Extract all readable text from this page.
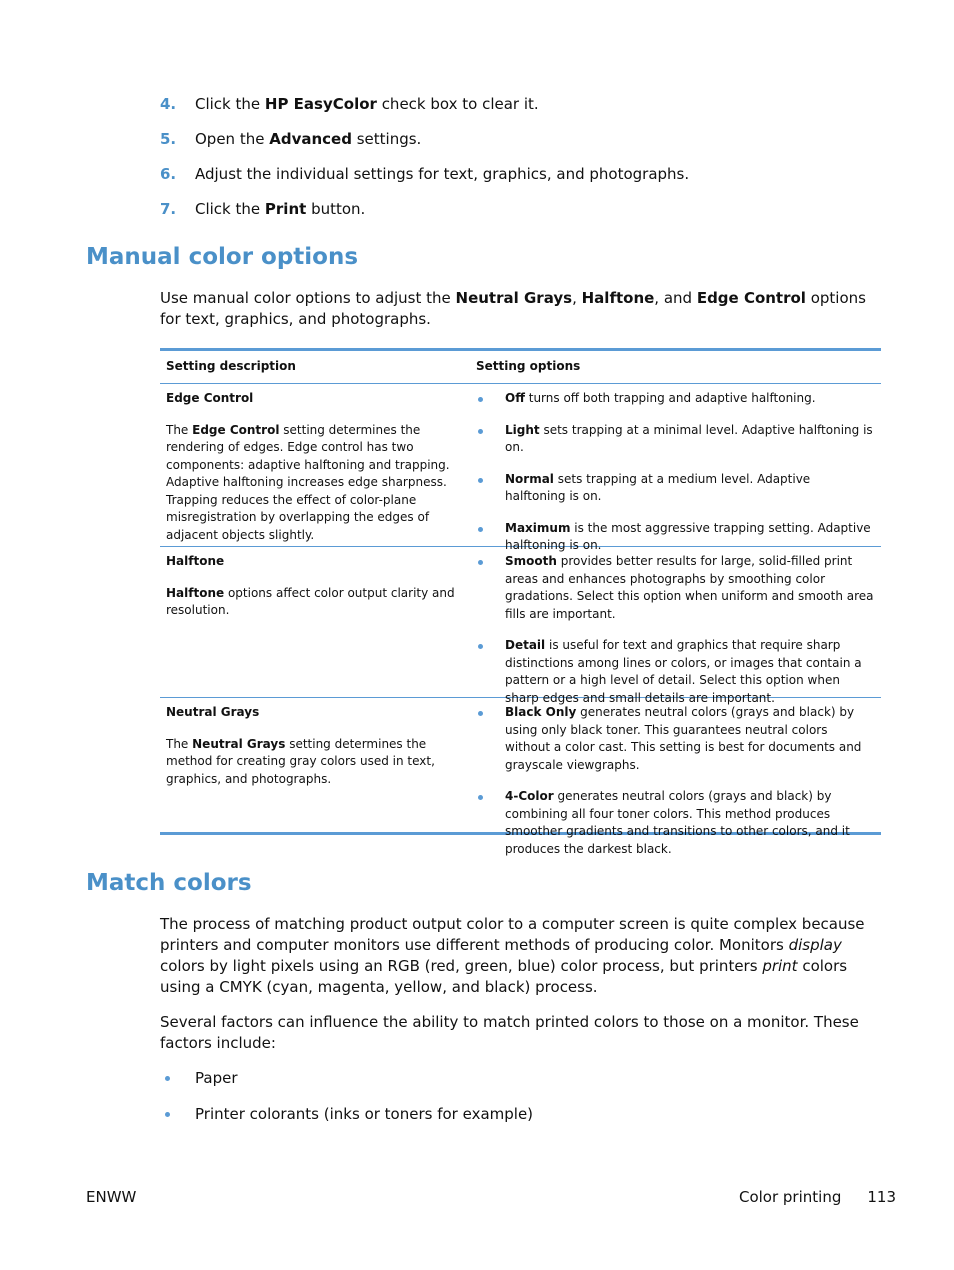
4. Click the HP EasyColor check box to clear it.
5. Open the Advanced settings.
6. Adjust the individual settings for text, graphics, and photographs.
7. Click the Print button.
Manual color options

Use manual color options to adjust the Neutral Grays, Halftone, and Edge Control options for text, graphics, and photographs.

Setting description	Setting options

Edge Control

The Edge Control setting determines the rendering of edges. Edge control has two components: adaptive halftoning and trapping. Adaptive halftoning increases edge sharpness. Trapping reduces the effect of color-plane misregistration by overlapping the edges of adjacent objects slightly.

Off turns off both trapping and adaptive halftoning.

Light sets trapping at a minimal level. Adaptive halftoning is on.

Normal sets trapping at a medium level. Adaptive halftoning is on.

Maximum is the most aggressive trapping setting. Adaptive halftoning is on.

Halftone

Halftone options affect color output clarity and resolution.

Smooth provides better results for large, solid-filled print areas and enhances photographs by smoothing color gradations. Select this option when uniform and smooth area fills are important.

Detail is useful for text and graphics that require sharp distinctions among lines or colors, or images that contain a pattern or a high level of detail. Select this option when sharp edges and small details are important.

Neutral Grays

The Neutral Grays setting determines the method for creating gray colors used in text, graphics, and photographs.

Black Only generates neutral colors (grays and black) by using only black toner. This guarantees neutral colors without a color cast. This setting is best for documents and grayscale viewgraphs.

4-Color generates neutral colors (grays and black) by combining all four toner colors. This method produces smoother gradients and transitions to other colors, and it produces the darkest black.

Match colors

The process of matching product output color to a computer screen is quite complex because printers and computer monitors use different methods of producing color. Monitors display colors by light pixels using an RGB (red, green, blue) color process, but printers print colors using a CMYK (cyan, magenta, yellow, and black) process.

Several factors can influence the ability to match printed colors to those on a monitor. These factors include:

Paper
Printer colorants (inks or toners for example)
ENWW	Color printing 113
